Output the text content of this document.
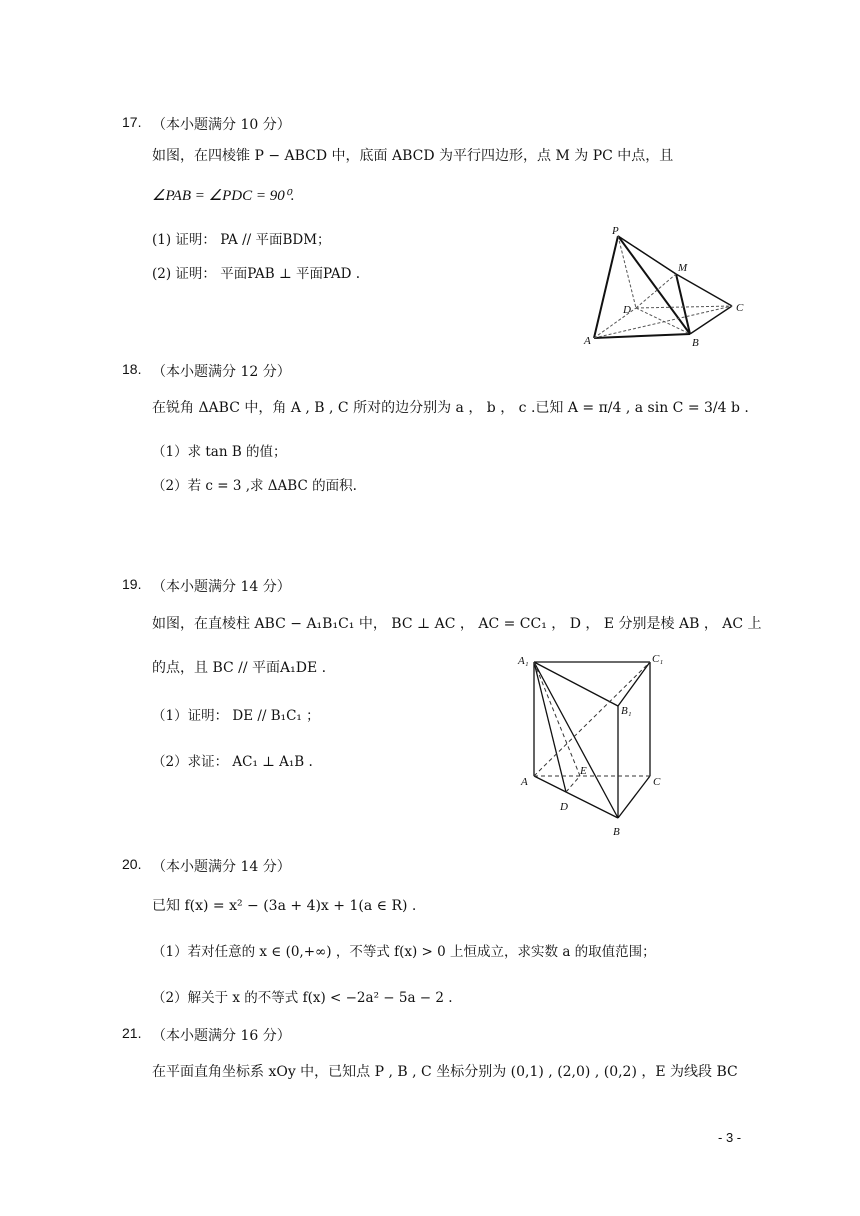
17. （本小题满分 10 分）
如图，在四棱锥 P − ABCD 中，底面 ABCD 为平行四边形，点 M 为 PC 中点，且
∠PAB = ∠PDC = 90⁰.
(1) 证明： PA // 平面BDM；
(2) 证明： 平面PAB ⊥ 平面PAD .
P
M
D	C
A	B
18. （本小题满分 12 分）
在锐角 ΔABC 中，角 A , B , C 所对的边分别为 a ， b ， c .已知 A = π/4 , a sin C = 3/4 b .
（1）求 tan B 的值；
（2）若 c = 3 ,求 ΔABC 的面积.
19. （本小题满分 14 分）
如图，在直棱柱 ABC − A₁B₁C₁ 中， BC ⊥ AC ， AC = CC₁ ， D ， E 分别是棱 AB ， AC 上
的点，且 BC // 平面A₁DE .
（1）证明： DE // B₁C₁ ；
（2）求证： AC₁ ⊥ A₁B .
A₁	C₁
B₁
A
E
C
D
B
20. （本小题满分 14 分）
已知 f(x) = x² − (3a + 4)x + 1(a ∈ R) .
（1）若对任意的 x ∈ (0,+∞) ，不等式 f(x) > 0 上恒成立，求实数 a 的取值范围；
（2）解关于 x 的不等式 f(x) < −2a² − 5a − 2 .
21. （本小题满分 16 分）
在平面直角坐标系 xOy 中，已知点 P , B , C 坐标分别为 (0,1) , (2,0) , (0,2) ，E 为线段 BC
- 3 -
